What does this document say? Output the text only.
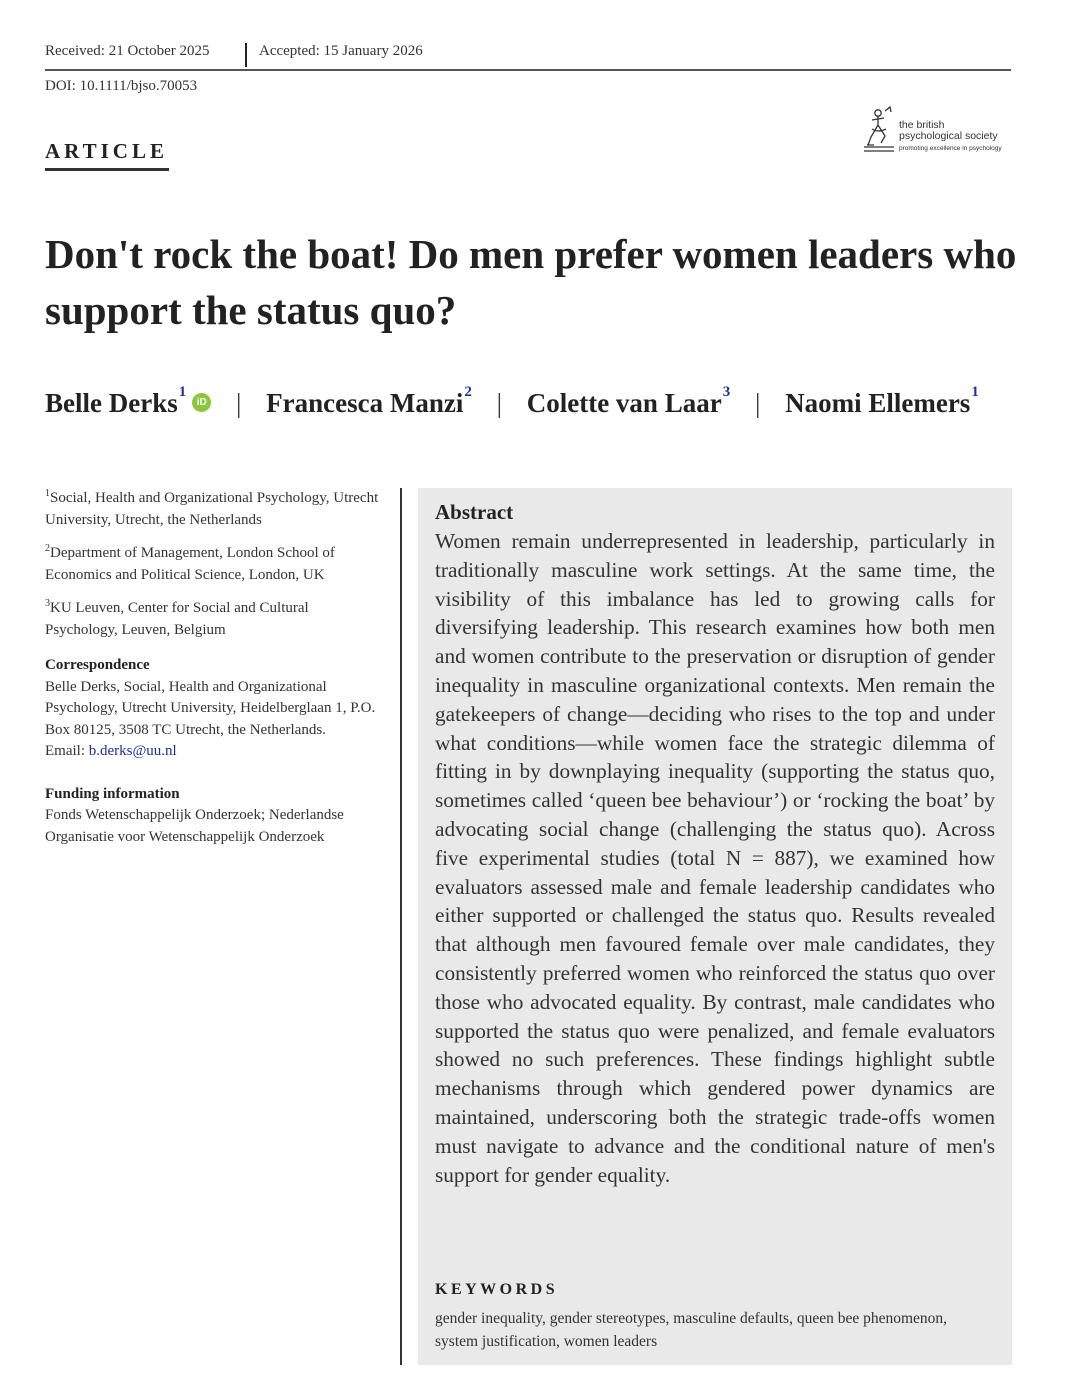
Received: 21 October 2025	Accepted: 15 January 2026
DOI: 10.1111/bjso.70053
ARTICLE
the british
psychological society
promoting excellence in psychology
Don't rock the boat! Do men prefer women leaders who support the status quo?
Belle Derks$^1$iD | Francesca Manzi$^2$ | Colette van Laar$^3$ | Naomi Ellemers$^1$
$^1$Social, Health and Organizational Psychology, Utrecht University, Utrecht, the Netherlands
$^2$Department of Management, London School of Economics and Political Science, London, UK
$^3$KU Leuven, Center for Social and Cultural Psychology, Leuven, Belgium
Correspondence
Belle Derks, Social, Health and Organizational Psychology, Utrecht University, Heidelberglaan 1, P.O. Box 80125, 3508 TC Utrecht, the Netherlands.
Email: b.derks@uu.nl
Funding information
Fonds Wetenschappelijk Onderzoek; Nederlandse Organisatie voor Wetenschappelijk Onderzoek
Abstract

Women remain underrepresented in leadership, particularly in traditionally masculine work settings. At the same time, the visibility of this imbalance has led to growing calls for diversifying leadership. This research examines how both men and women contribute to the preservation or disruption of gender inequality in masculine organizational contexts. Men remain the gatekeepers of change—deciding who rises to the top and under what conditions—while women face the strategic dilemma of fitting in by downplaying inequality (supporting the status quo, sometimes called ‘queen bee behaviour’) or ‘rocking the boat’ by advocating social change (challenging the status quo). Across five experimental studies (total N = 887), we examined how evaluators assessed male and female leadership candidates who either supported or challenged the status quo. Results revealed that although men favoured female over male candidates, they consistently preferred women who reinforced the status quo over those who advocated equality. By contrast, male candidates who supported the status quo were penalized, and female evaluators showed no such preferences. These findings highlight subtle mechanisms through which gendered power dynamics are maintained, underscoring both the strategic trade-offs women must navigate to advance and the conditional nature of men's support for gender equality.

KEYWORDS
gender inequality, gender stereotypes, masculine defaults, queen bee phenomenon, system justification, women leaders
